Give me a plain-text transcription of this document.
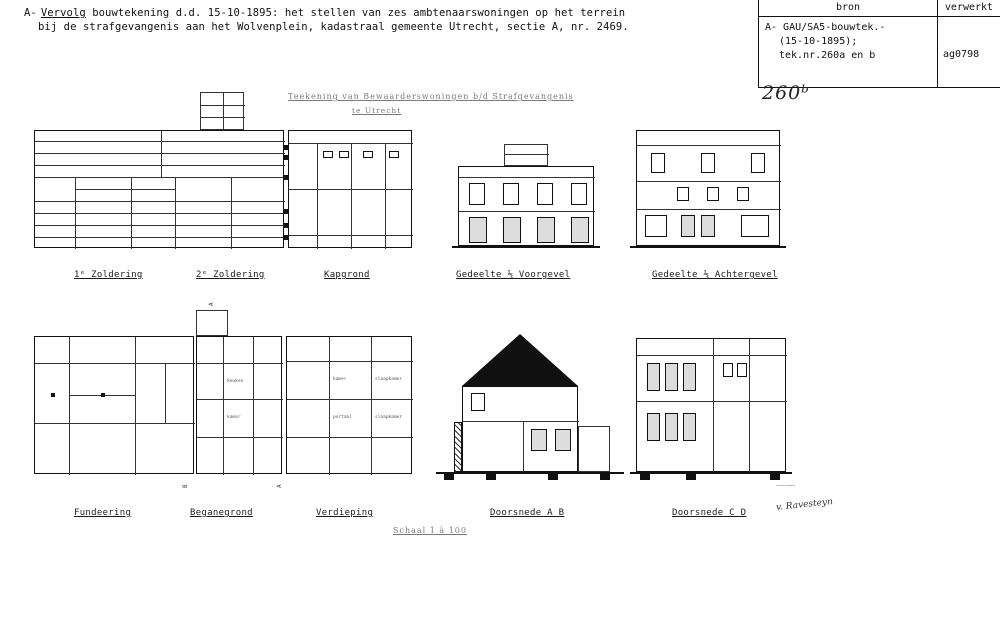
A- Vervolg bouwtekening d.d. 15-10-1895: het stellen van zes ambtenaarswoningen op het terrein
bij de strafgevangenis aan het Wolvenplein, kadastraal gemeente Utrecht, sectie A, nr. 2469.
bron	verwerkt
A- GAU/SA5-bouwtek.-
(15-10-1895);
tek.nr.260a en b	ag0798
260ᵇ
Teekening van Bewaarderswoningen b/d Strafgevangenis
te Utrecht
Schaal 1 à 100
1ᵉ Zoldering	2ᵉ Zoldering	Kapgrond	Gedeelte ⅓ Voorgevel	Gedeelte ⅓ Achtergevel
Fundeering
keuken
kamer
Beganegrond
kamer	slaapkamer
slaapkamer
portaal
Verdieping
A
A
B
.
Doorsnede A B	Doorsnede C D
v. Ravesteyn
~~~~~~~
